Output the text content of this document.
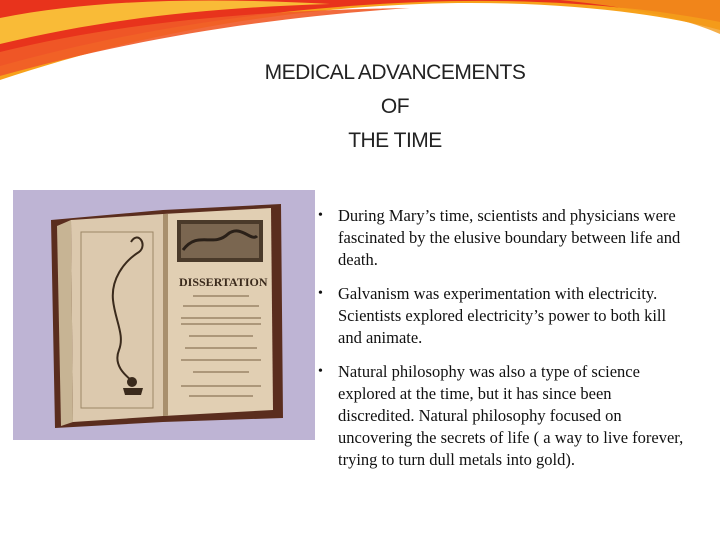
MEDICAL ADVANCEMENTS
OF
THE TIME
DISSERTATION
• During Mary’s time, scientists and physicians were fascinated by the elusive boundary between life and death.
• Galvanism was experimentation with electricity. Scientists explored electricity’s power to both kill and animate.
• Natural philosophy was also a type of science explored at the time, but it has since been discredited. Natural philosophy focused on uncovering the secrets of life ( a way to live forever, trying to turn dull metals into gold).
